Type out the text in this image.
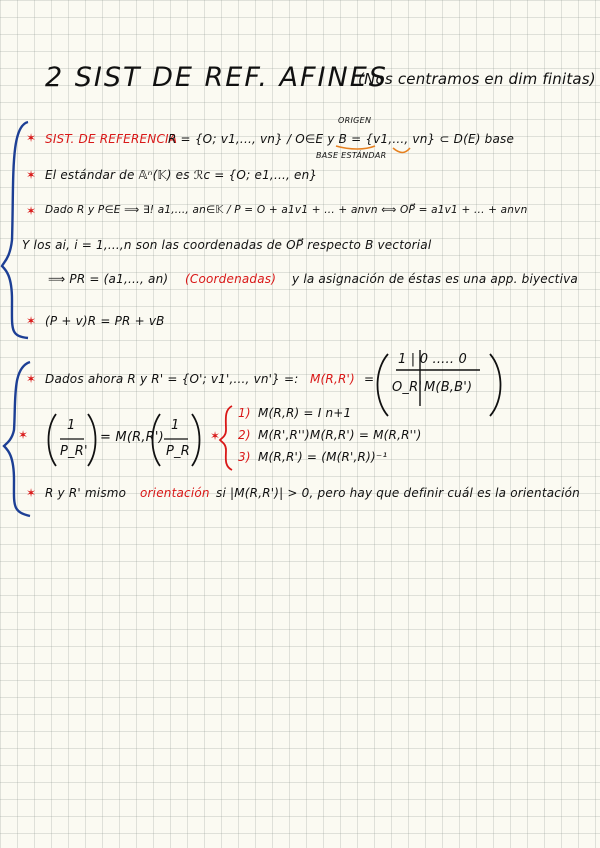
2 SIST DE REF. AFINES
(Nos centramos en dim finitas)
✶ SIST. DE REFERENCIA
R = {O; v1,..., vn} / O∈E y B = {v1,..., vn} ⊂ D(E) base
ORIGEN
BASE ESTÁNDAR
✶ El estándar de 𝔸ⁿ(𝕂) es ℛc = {O; e1,..., en}
✶ Dado R y P∈E ⟹ ∃! a1,..., an∈𝕂 / P = O + a1v1 + ... + anvn ⟺ OP⃗ = a1v1 + ... + anvn
Y los ai, i = 1,...,n son las coordenadas de OP⃗ respecto B vectorial
⟹ PR = (a1,..., an) (Coordenadas) y la asignación de éstas es una app. biyectiva
✶ (P + v)R = PR + vB
✶ Dados ahora R y R' = {O'; v1',..., vn'} =: M(R,R') =
1 | 0 ..... 0
O_R' M(B,B')
✶
1
P_R'
= M(R,R')
1
P_R
✶
1) M(R,R) = I n+1
2) M(R',R'')M(R,R') = M(R,R'')
3) M(R,R') = (M(R',R))⁻¹
✶ R y R' mismo orientación si |M(R,R')| > 0, pero hay que definir cuál es la orientación
